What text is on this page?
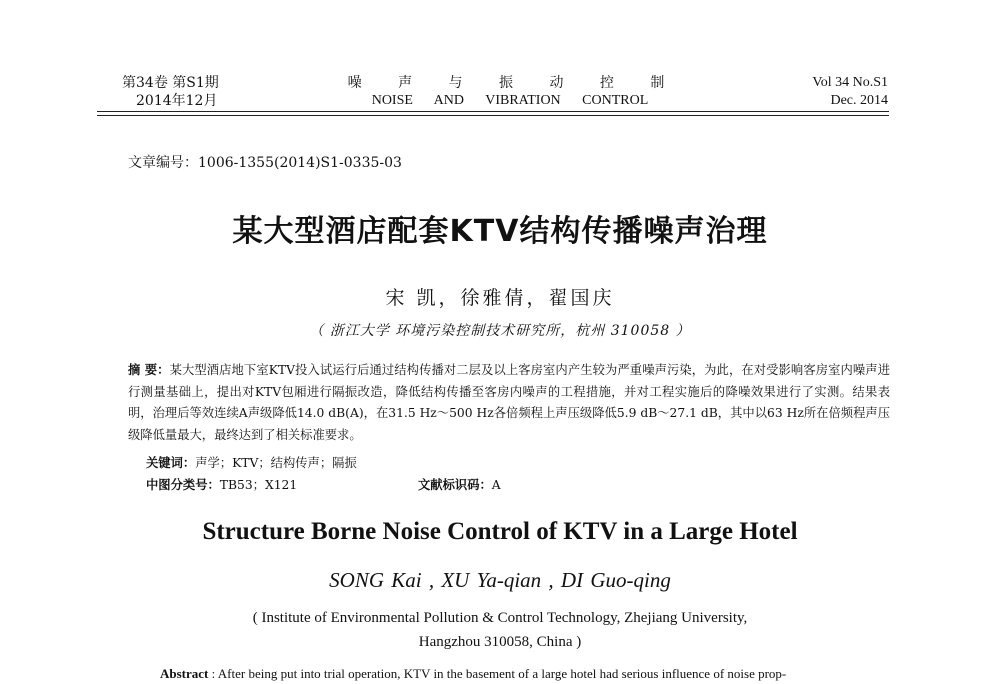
第34卷 第S1期
2014年12月
噪 声 与 振 动 控 制
NOISE AND VIBRATION CONTROL
Vol 34 No.S1
Dec. 2014
文章编号：1006-1355(2014)S1-0335-03
某大型酒店配套KTV结构传播噪声治理
宋 凯，徐雅倩，翟国庆
（ 浙江大学 环境污染控制技术研究所，杭州 310058 ）
摘 要：某大型酒店地下室KTV投入试运行后通过结构传播对二层及以上客房室内产生较为严重噪声污染，为此，在对受影响客房室内噪声进行测量基础上，提出对KTV包厢进行隔振改造，降低结构传播至客房内噪声的工程措施，并对工程实施后的降噪效果进行了实测。结果表明，治理后等效连续A声级降低14.0 dB(A)，在31.5 Hz～500 Hz各倍频程上声压级降低5.9 dB～27.1 dB，其中以63 Hz所在倍频程声压级降低量最大，最终达到了相关标准要求。
关键词：声学；KTV；结构传声；隔振
中图分类号：TB53；X121	文献标识码：A
Structure Borne Noise Control of KTV in a Large Hotel
SONG Kai , XU Ya-qian , DI Guo-qing
( Institute of Environmental Pollution & Control Technology, Zhejiang University,
Hangzhou 310058, China )
Abstract : After being put into trial operation, KTV in the basement of a large hotel had serious influence of noise prop-
